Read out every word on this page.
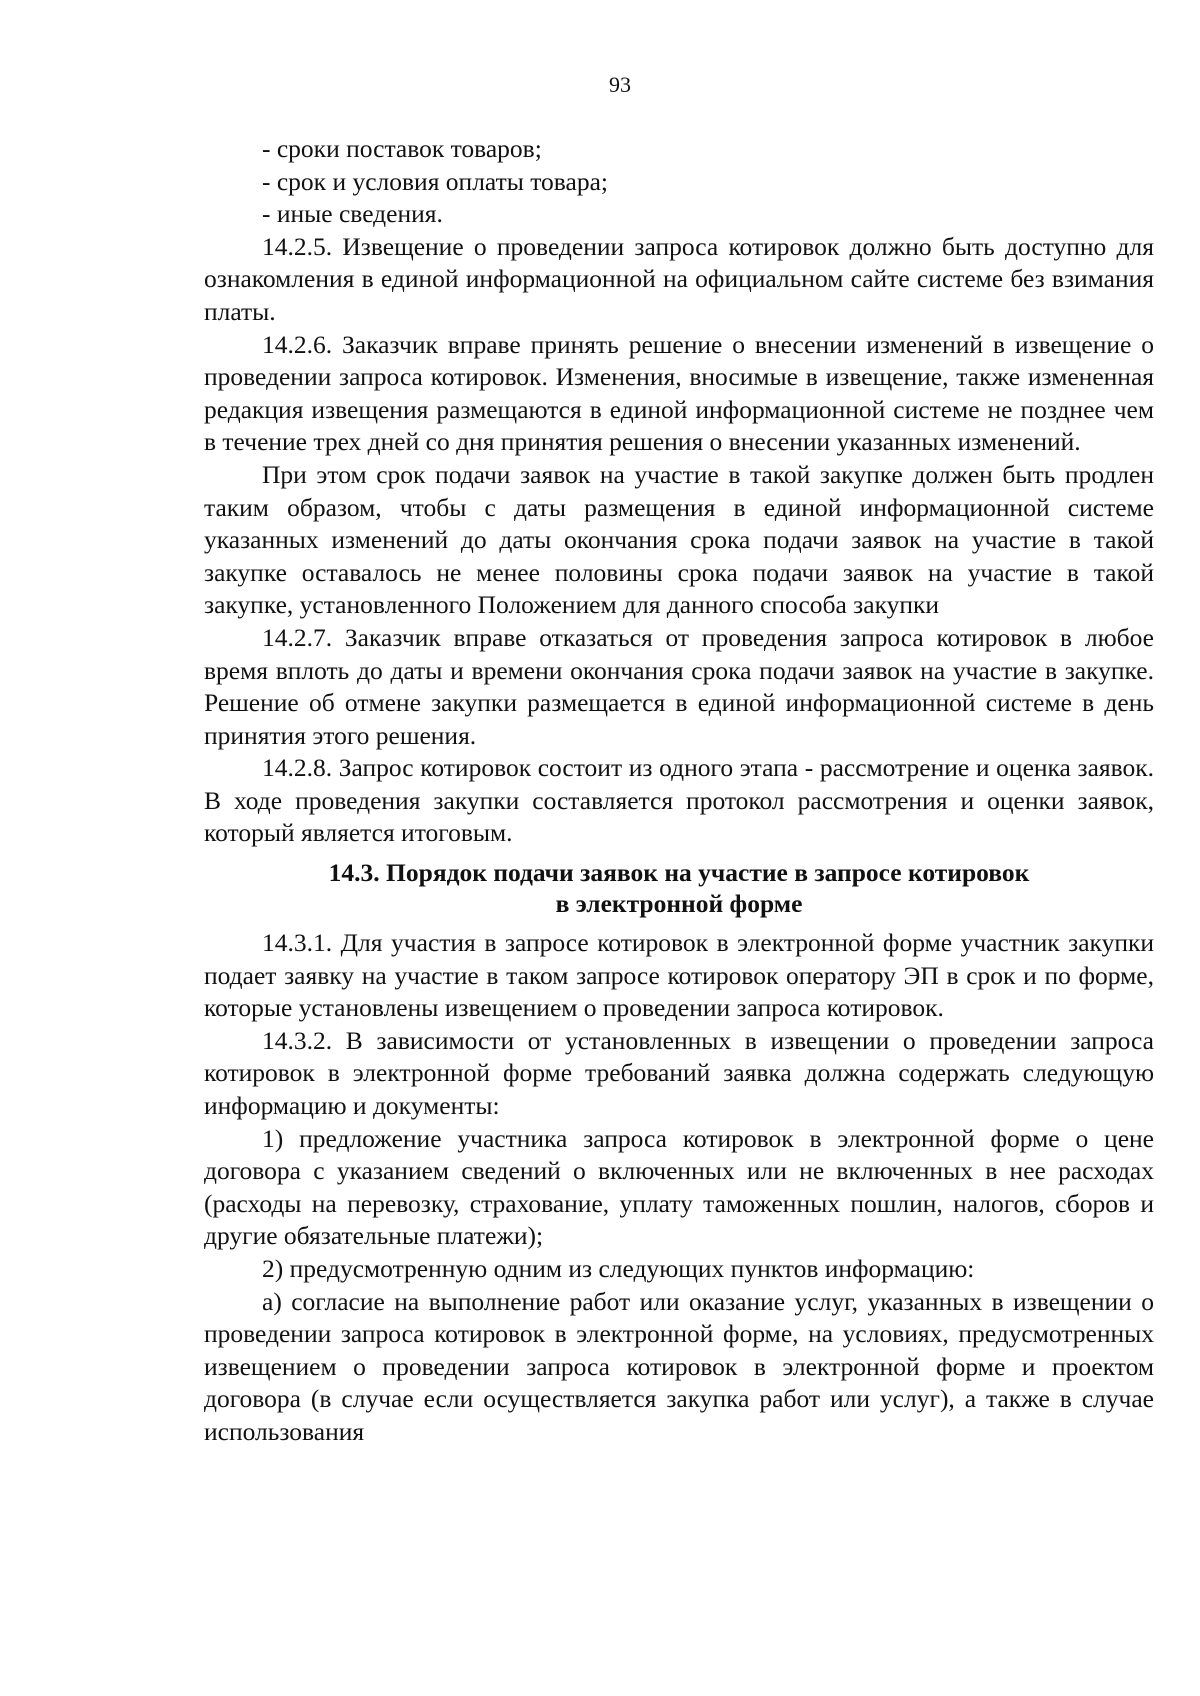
93

- сроки поставок товаров;

- срок и условия оплаты товара;

- иные сведения.

14.2.5. Извещение о проведении запроса котировок должно быть доступно для ознакомления в единой информационной на официальном сайте системе без взимания платы.

14.2.6. Заказчик вправе принять решение о внесении изменений в извещение о проведении запроса котировок. Изменения, вносимые в извещение, также измененная редакция извещения размещаются в единой информационной системе не позднее чем в течение трех дней со дня принятия решения о внесении указанных изменений.

При этом срок подачи заявок на участие в такой закупке должен быть продлен таким образом, чтобы с даты размещения в единой информационной системе указанных изменений до даты окончания срока подачи заявок на участие в такой закупке оставалось не менее половины срока подачи заявок на участие в такой закупке, установленного Положением для данного способа закупки

14.2.7. Заказчик вправе отказаться от проведения запроса котировок в любое время вплоть до даты и времени окончания срока подачи заявок на участие в закупке. Решение об отмене закупки размещается в единой информационной системе в день принятия этого решения.

14.2.8. Запрос котировок состоит из одного этапа - рассмотрение и оценка заявок. В ходе проведения закупки составляется протокол рассмотрения и оценки заявок, который является итоговым.

14.3. Порядок подачи заявок на участие в запросе котировок
в электронной форме

14.3.1. Для участия в запросе котировок в электронной форме участник закупки подает заявку на участие в таком запросе котировок оператору ЭП в срок и по форме, которые установлены извещением о проведении запроса котировок.

14.3.2. В зависимости от установленных в извещении о проведении запроса котировок в электронной форме требований заявка должна содержать следующую информацию и документы:

1) предложение участника запроса котировок в электронной форме о цене договора с указанием сведений о включенных или не включенных в нее расходах (расходы на перевозку, страхование, уплату таможенных пошлин, налогов, сборов и другие обязательные платежи);

2) предусмотренную одним из следующих пунктов информацию:

а) согласие на выполнение работ или оказание услуг, указанных в извещении о проведении запроса котировок в электронной форме, на условиях, предусмотренных извещением о проведении запроса котировок в электронной форме и проектом договора (в случае если осуществляется закупка работ или услуг), а также в случае использования
